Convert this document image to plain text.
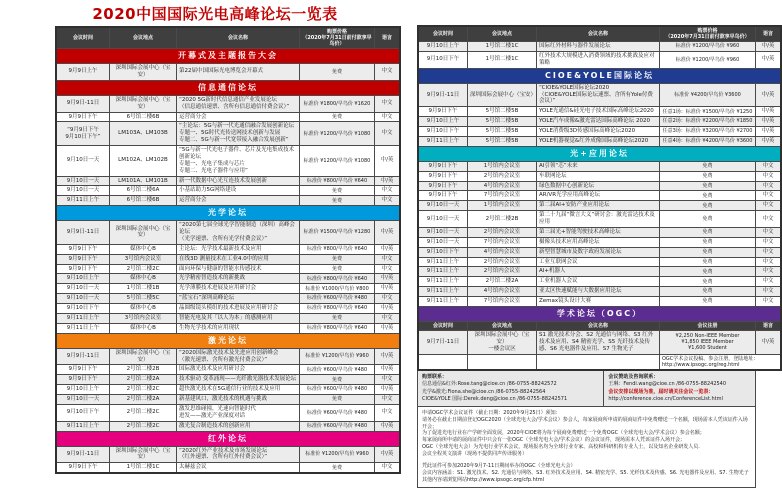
2020中国国际光电高峰论坛一览表
会议时间	会议地点	会议名称	购票价格
（2020年7月31日前付款享早鸟价）	语言
开幕式及主题报告大会				
9月9日上午	深圳国际会展中心（宝安）	第22届中国国际光电博览会开幕式	免费	中文
信息通信论坛				
9月9日-11日	深圳国际会展中心（宝安）	“2020 5G新时代信息通信产业发展论坛
（信息通信速票、含所有信息通信付费会议）”	标准价 ¥1800/早鸟价 ¥1620	中文
9月9日下午	6号馆二楼6B	运营商分会	免费	中文
“9月9日下午
9月10日下午”	LM103A、LM103B	“主论坛：5G与新一代光通信融合发展创新论坛
专题一、5G时代光传送网技术创新与发展
专题二、5G与新一代宽带接入融合发展创新”	标准价 ¥1200/早鸟价 ¥1080	中文
9月10日一天	LM102A、LM102B	“5G与新一代光电子器件、芯片及光电集成技术创新论坛
专题一、光电子集成与芯片
专题二、光电子器件与应用”	标准价 ¥1200/早鸟价 ¥1080	中/英
9月10日一天	LM101A、LM101B	新一代数据中心光互连技术发展创新	标准价 ¥800/早鸟价 ¥640	中/英
9月10日一天	6号馆二楼6A	小基站助力5G网络建设	免费	中文
9月11日上午	6号馆二楼6B	运营商分会	免费	中文
光学论坛				
9月9日-11日	深圳国际会展中心（宝安）	“2020第七届全球光学智能制造（深圳）高峰会论坛
（光学速票、含所有光学付费会议）”	标准价 ¥1500/早鸟价 ¥1280	中/英
9月9日下午	媒体中心B	主论坛：光学技术最新技术及应用	标准价 ¥800/早鸟价 ¥640	中/英
9月9日下午	3号馆内会议室	在线3D 测量技术在工业4.0中的应用	免费	中文
9月9日下午	2号馆二楼2C	面向环保与健康的智能水传感技术	免费	中文
9月10日上午	媒体中心B	光学精密智造技术的新挑战	标准价 ¥800/早鸟价 ¥640	中/英
9月10日一天	1号馆二楼1B	光学薄膜技术进展及应用研讨会	标准价 ¥1000/早鸟价 ¥800	中/英
9月10日一天	5号馆二楼5C	“蓝宝石”深圳高峰论坛	标准价 ¥600/早鸟价 ¥480	中文
9月10日下午	媒体中心B	晶圆级镜头模组的技术进展及应用研讨会	标准价 ¥800/早鸟价 ¥640	中/英
9月11日上午	3号馆内会议室	智能光电及其「以人为本」的感测应用	免费	中文
9月11日上午	媒体中心B	生物光学技术的应用现状	标准价 ¥800/早鸟价 ¥640	中/英
激光论坛				
9月9日-11日	深圳国际会展中心（宝安）	“2020国际激光技术及先进应用创新峰会
（激光速票、含所有激光付费会议）”	标准价 ¥1200/早鸟价 ¥960	中/英
9月9日下午	2号馆二楼2B	国际激光技术及应用研讨会	标准价 ¥600/早鸟价 ¥480	中/英
9月9日下午	2号馆二楼2A	技术驱动 变革涌现——光纤激光器技术发展论坛	免费	中文
9月10日上午	2号馆二楼2C	超快激光技术在5G通信行业的技术及应用	标准价 ¥600/早鸟价 ¥480	中/英
9月10日一天	2号馆二楼2A	新基建风口，激光技术的机遇与挑战	免费	中文
9月10日下午	2号馆二楼2C	激发思维碰撞，光速向智能时代
进发——激光产业深度对话	标准价 ¥600/早鸟价 ¥480	中文
9月11日上午	2号馆二楼2C	激光复合制造技术的创新应用	标准价 ¥600/早鸟价 ¥480	中/英
红外论坛				
9月9日-11日	深圳国际会展中心（宝安）	“2020红外产业技术及市场发展论坛
（红外速票、含所有红外付费会议）”	标准价 ¥1200/早鸟价 ¥960	中/英
9月9日下午	1号馆二楼1C	太赫兹会议	免费	中文
会议时间	会议地点	会议名称	购票价格
（2020年7月31日前付款享早鸟价）	语言
9月10日上午	1号馆二楼1C	国际红外材料与器件发展论坛	标准价 ¥1200/早鸟价 ¥960	中/英
9月10日下午	1号馆二楼1C	红外技术大规模进入消费领域的技术挑战及应对策略	标准价 ¥1200/早鸟价 ¥960	中/英
CIOE&YOLE国际论坛				
9月9日-11日	深圳国际会展中心（宝安）	“CIOE&YOLE国际论坛2020
（CIOE&YOLE国际论坛速票、含所有Yole付费会议）”	标准价 ¥4200/早鸟价 ¥3600	中/英
9月9日下午	5号馆二楼5B	YOLE光通信&硅光电子技术国际高峰论坛2020	任意1场：标准价 ¥1500/早鸟价 ¥1250	中/英
9月10日上午	5号馆二楼5B	YOLE汽车成像&激光雷达国际高峰论坛 2020	任意2场：标准价 ¥2200/早鸟价 ¥1850	中/英
9月10日下午	5号馆二楼5B	YOLE消费级3D传感国际高峰论坛2020	任意3场：标准价 ¥3200/早鸟价 ¥2700	中/英
9月11日上午	5号馆二楼5B	YOLE机器视觉&红外成像国际高峰论坛2020	任意4场：标准价 ¥4200/早鸟价 ¥3600	中/英
光+应用论坛				
9月9日下午	1号馆内会议室	AI引领“芯”未来	免费	中文
9月9日下午	2号馆内会议室	车联网论坛	免费	中文
9月9日下午	4号馆内会议室	绿色数据中心创新论坛	免费	中文
9月9日下午	7号馆内会议室	AR/VR光学应用高峰论坛	免费	中文
9月10日一天	1号馆内会议室	第二届AI+安防产业应用论坛	免费	中文
9月10日一天	2号馆二楼2B	第二十九届“微言大义”研讨会：激光雷达技术及应用	免费	中文
9月10日一天	2号馆内会议室	第三届光+智能驾驶技术高峰论坛	免费	中文
9月10日一天	7号馆内会议室	摄像头技术应用高峰论坛	免费	中文
9月10日下午	4号馆内会议室	新型智慧城市及数字政府发展论坛	免费	中文
9月11日上午	2号馆内会议室	工业互联网会议	免费	中文
9月11日上午	2号馆内会议室	AI+机器人	免费	中文
9月11日上午	2号馆二楼2A	工业机器人会议	免费	中文
9月11日上午	4号馆内会议室	亚太区快速赋能与大数据应用论坛	免费	中文
9月11日上午	7号馆内会议室	Zemax镜头设计大赛	免费	中文
学术论坛（OGC）				
会议时间	会议地点	会议名称	会议注册	语言
9月7日-11日	深圳国际会展中心（宝安）
一楼会议区	S1 激光技术分会、S2 光通信与网络、S3 红外技术及应用、S4 精密光学、S5 光纤技术及传感、S6 光电器件及应用、S7 生物光子	¥2,250 Non-IEEE Member
¥1,850 IEEE Member
¥1,600 Student	中/英
			OGC学术会议投稿、参会注册，登陆地址：
http://www.ipsogc.org/reg.html	
购票联系：
信息通信&红外:Rose.tang@cioe.cn /86-0755-88242572
光学&激光:Fiona.she@cioe.cn /86-0755-88242564
CIOE&YOLE 国际:Derek.deng@cioe.cn /86-0755-88242571
会议赞助及咨询联系：
王琳：Fendi.wang@cioe.cn /86-0755-88242540
会议安排以现场为准，届时请关注会议一览表：
http://conference.cioe.cn/ConferenceList.html
申请OGC学术会议证件（截止日期：2020年9月25日）须知：
请务必在截止日期前登记OGC2020（全球光电大会/学术会议）参会人，每家展商所申请的展商证件中免费赠送一个名额，现场需本人凭该证件入场开会；
为了促进光电行业在产学研全面发展，2020年CIOE将为每个展商免费赠送一个免费OGC（全球光电大会/学术会议）参会名额；
每家展商所申请的展商证件中只会有一张OGC（全球光电大会/学术会议）的会议证件，现场需本人凭该证件入场开会；
OGC（全球光电大会）为光电行业学术会议，现场报名均为全球行业专家、高校和科研机构专业人士，以及知名企业研发人员.
会议全程英文演讲（现场不提供同声传译服务）
凭此证件可参加2020年9月7-11日期间举办的OGC（全球光电大会）
会议内容涵盖：S1. 激光技术、S2. 光通信与网络、S3. 红外技术及应用、S4. 精密光学、S5. 光纤技术及传感、S6. 光电器件及应用、S7. 生物光子
其他内容请浏览网站http://www.ipsogc.org/cfp.html
